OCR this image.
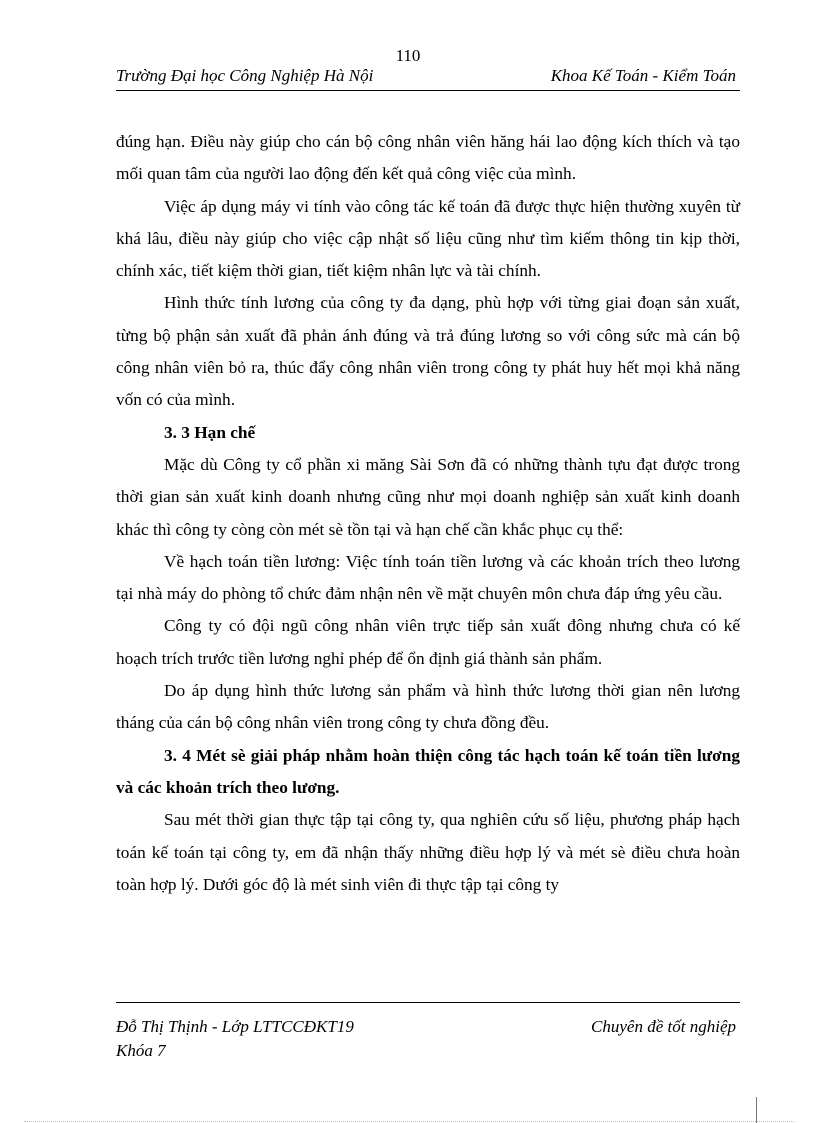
110
Trường Đại học Công Nghiệp Hà Nội	Khoa Kế Toán - Kiểm Toán

đúng hạn. Điều này giúp cho cán bộ công nhân viên hăng hái lao động kích thích và tạo mối quan tâm của người lao động đến kết quả công việc của mình.

Việc áp dụng máy vi tính vào công tác kế toán đã được thực hiện thường xuyên từ khá lâu, điều này giúp cho việc cập nhật số liệu cũng như tìm kiếm thông tin kịp thời, chính xác, tiết kiệm thời gian, tiết kiệm nhân lực và tài chính.

Hình thức tính lương của công ty đa dạng, phù hợp với từng giai đoạn sản xuất, từng bộ phận sản xuất đã phản ánh đúng và trả đúng lương so với công sức mà cán bộ công nhân viên bỏ ra, thúc đẩy công nhân viên trong công ty phát huy hết mọi khả năng vốn có của mình.

3. 3 Hạn chế

Mặc dù Công ty cổ phần xi măng Sài Sơn đã có những thành tựu đạt được trong thời gian sản xuất kinh doanh nhưng cũng như mọi doanh nghiệp sản xuất kinh doanh khác thì công ty còng còn mét sè tồn tại và hạn chế cần khắc phục cụ thể:

Về hạch toán tiền lương: Việc tính toán tiền lương và các khoản trích theo lương tại nhà máy do phòng tổ chức đảm nhận nên về mặt chuyên môn chưa đáp ứng yêu cầu.

Công ty có đội ngũ công nhân viên trực tiếp sản xuất đông nhưng chưa có kế hoạch trích trước tiền lương nghỉ phép để ổn định giá thành sản phẩm.

Do áp dụng hình thức lương sản phẩm và hình thức lương thời gian nên lương tháng của cán bộ công nhân viên trong công ty chưa đồng đều.

3. 4 Mét sè giải pháp nhằm hoàn thiện công tác hạch toán kế toán tiền lương và các khoản trích theo lương.

Sau mét thời gian thực tập tại công ty, qua nghiên cứu số liệu, phương pháp hạch toán kế toán tại công ty, em đã nhận thấy những điều hợp lý và mét sè điều chưa hoàn toàn hợp lý. Dưới góc độ là mét sinh viên đi thực tập tại công ty

Đỗ Thị Thịnh - Lớp LTTCCĐKT19	Chuyên đề tốt nghiệp
Khóa 7
